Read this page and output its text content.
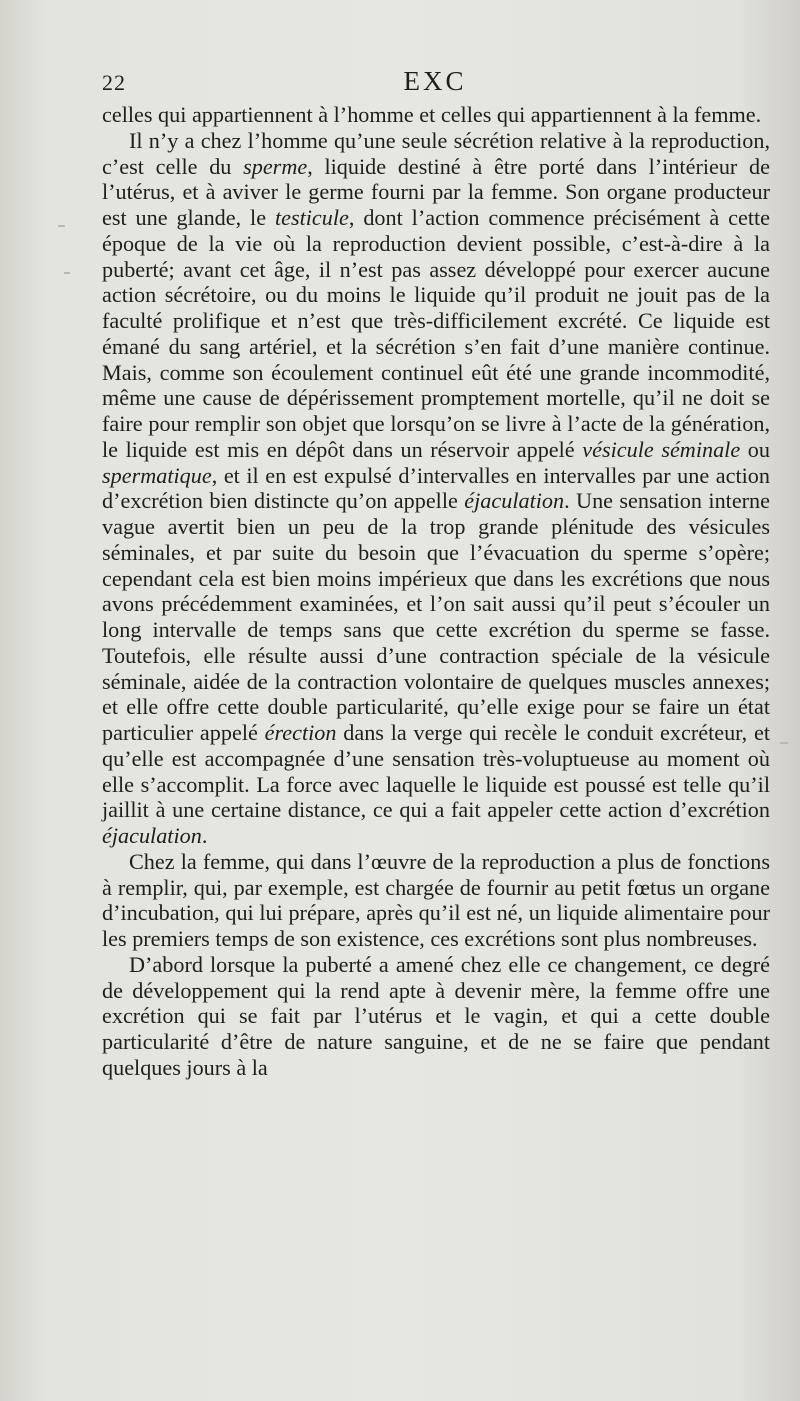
22	EXC

celles qui appartiennent à l’homme et celles qui appartiennent à la femme.

Il n’y a chez l’homme qu’une seule sécrétion relative à la reproduction, c’est celle du sperme, liquide destiné à être porté dans l’intérieur de l’utérus, et à aviver le germe fourni par la femme. Son organe producteur est une glande, le testicule, dont l’action commence précisément à cette époque de la vie où la reproduction devient possible, c’est-à-dire à la puberté; avant cet âge, il n’est pas assez développé pour exercer aucune action sécrétoire, ou du moins le liquide qu’il produit ne jouit pas de la faculté prolifique et n’est que très-difficilement excrété. Ce liquide est émané du sang artériel, et la sécrétion s’en fait d’une manière continue. Mais, comme son écoulement continuel eût été une grande incommodité, même une cause de dépérissement promptement mortelle, qu’il ne doit se faire pour remplir son objet que lorsqu’on se livre à l’acte de la génération, le liquide est mis en dépôt dans un réservoir appelé vésicule séminale ou spermatique, et il en est expulsé d’intervalles en intervalles par une action d’excrétion bien distincte qu’on appelle éjaculation. Une sensation interne vague avertit bien un peu de la trop grande plénitude des vésicules séminales, et par suite du besoin que l’évacuation du sperme s’opère; cependant cela est bien moins impérieux que dans les excrétions que nous avons précédemment examinées, et l’on sait aussi qu’il peut s’écouler un long intervalle de temps sans que cette excrétion du sperme se fasse. Toutefois, elle résulte aussi d’une contraction spéciale de la vésicule séminale, aidée de la contraction volontaire de quelques muscles annexes; et elle offre cette double particularité, qu’elle exige pour se faire un état particulier appelé érection dans la verge qui recèle le conduit excréteur, et qu’elle est accompagnée d’une sensation très-voluptueuse au moment où elle s’accomplit. La force avec laquelle le liquide est poussé est telle qu’il jaillit à une certaine distance, ce qui a fait appeler cette action d’excrétion éjaculation.

Chez la femme, qui dans l’œuvre de la reproduction a plus de fonctions à remplir, qui, par exemple, est chargée de fournir au petit fœtus un organe d’incubation, qui lui prépare, après qu’il est né, un liquide alimentaire pour les premiers temps de son existence, ces excrétions sont plus nombreuses.

D’abord lorsque la puberté a amené chez elle ce changement, ce degré de développement qui la rend apte à devenir mère, la femme offre une excrétion qui se fait par l’utérus et le vagin, et qui a cette double particularité d’être de nature sanguine, et de ne se faire que pendant quelques jours à la
